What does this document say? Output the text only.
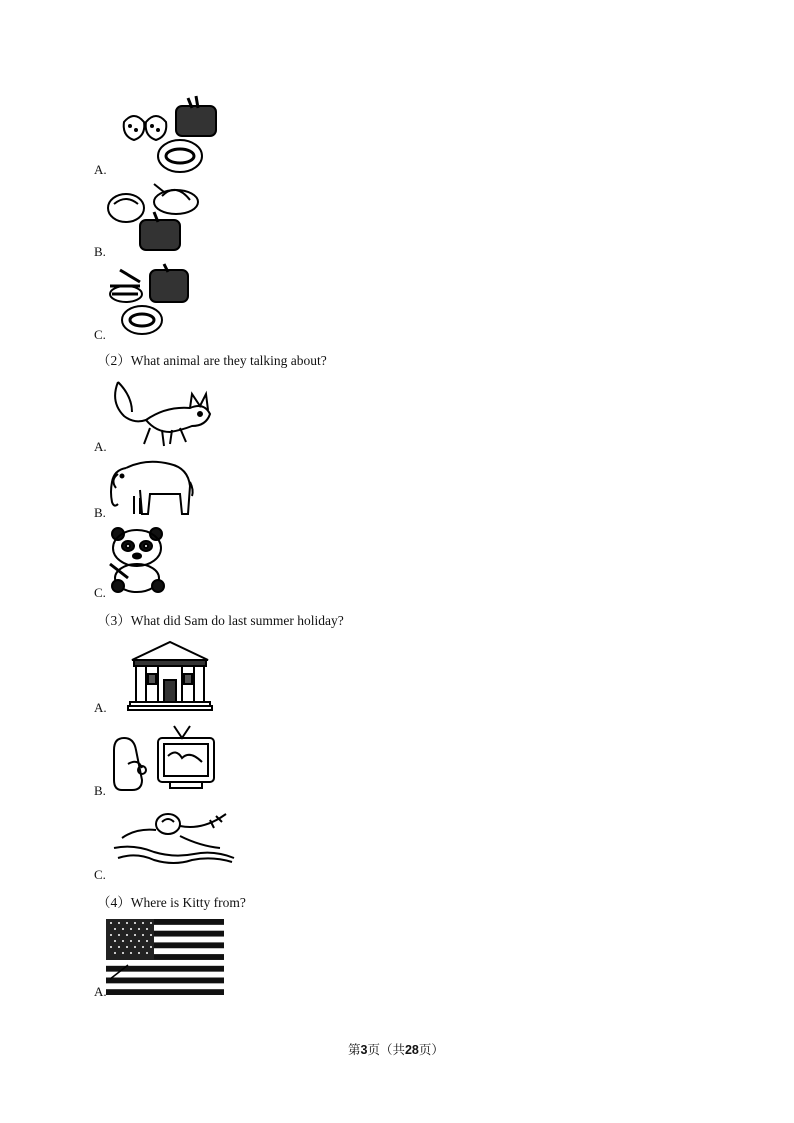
A.
B.
C.
（2）What animal are they talking about?
A.
B.
C.
（3）What did Sam do last summer holiday?
A.
B.
C.
（4）Where is Kitty from?
A.
第3页（共28页）
